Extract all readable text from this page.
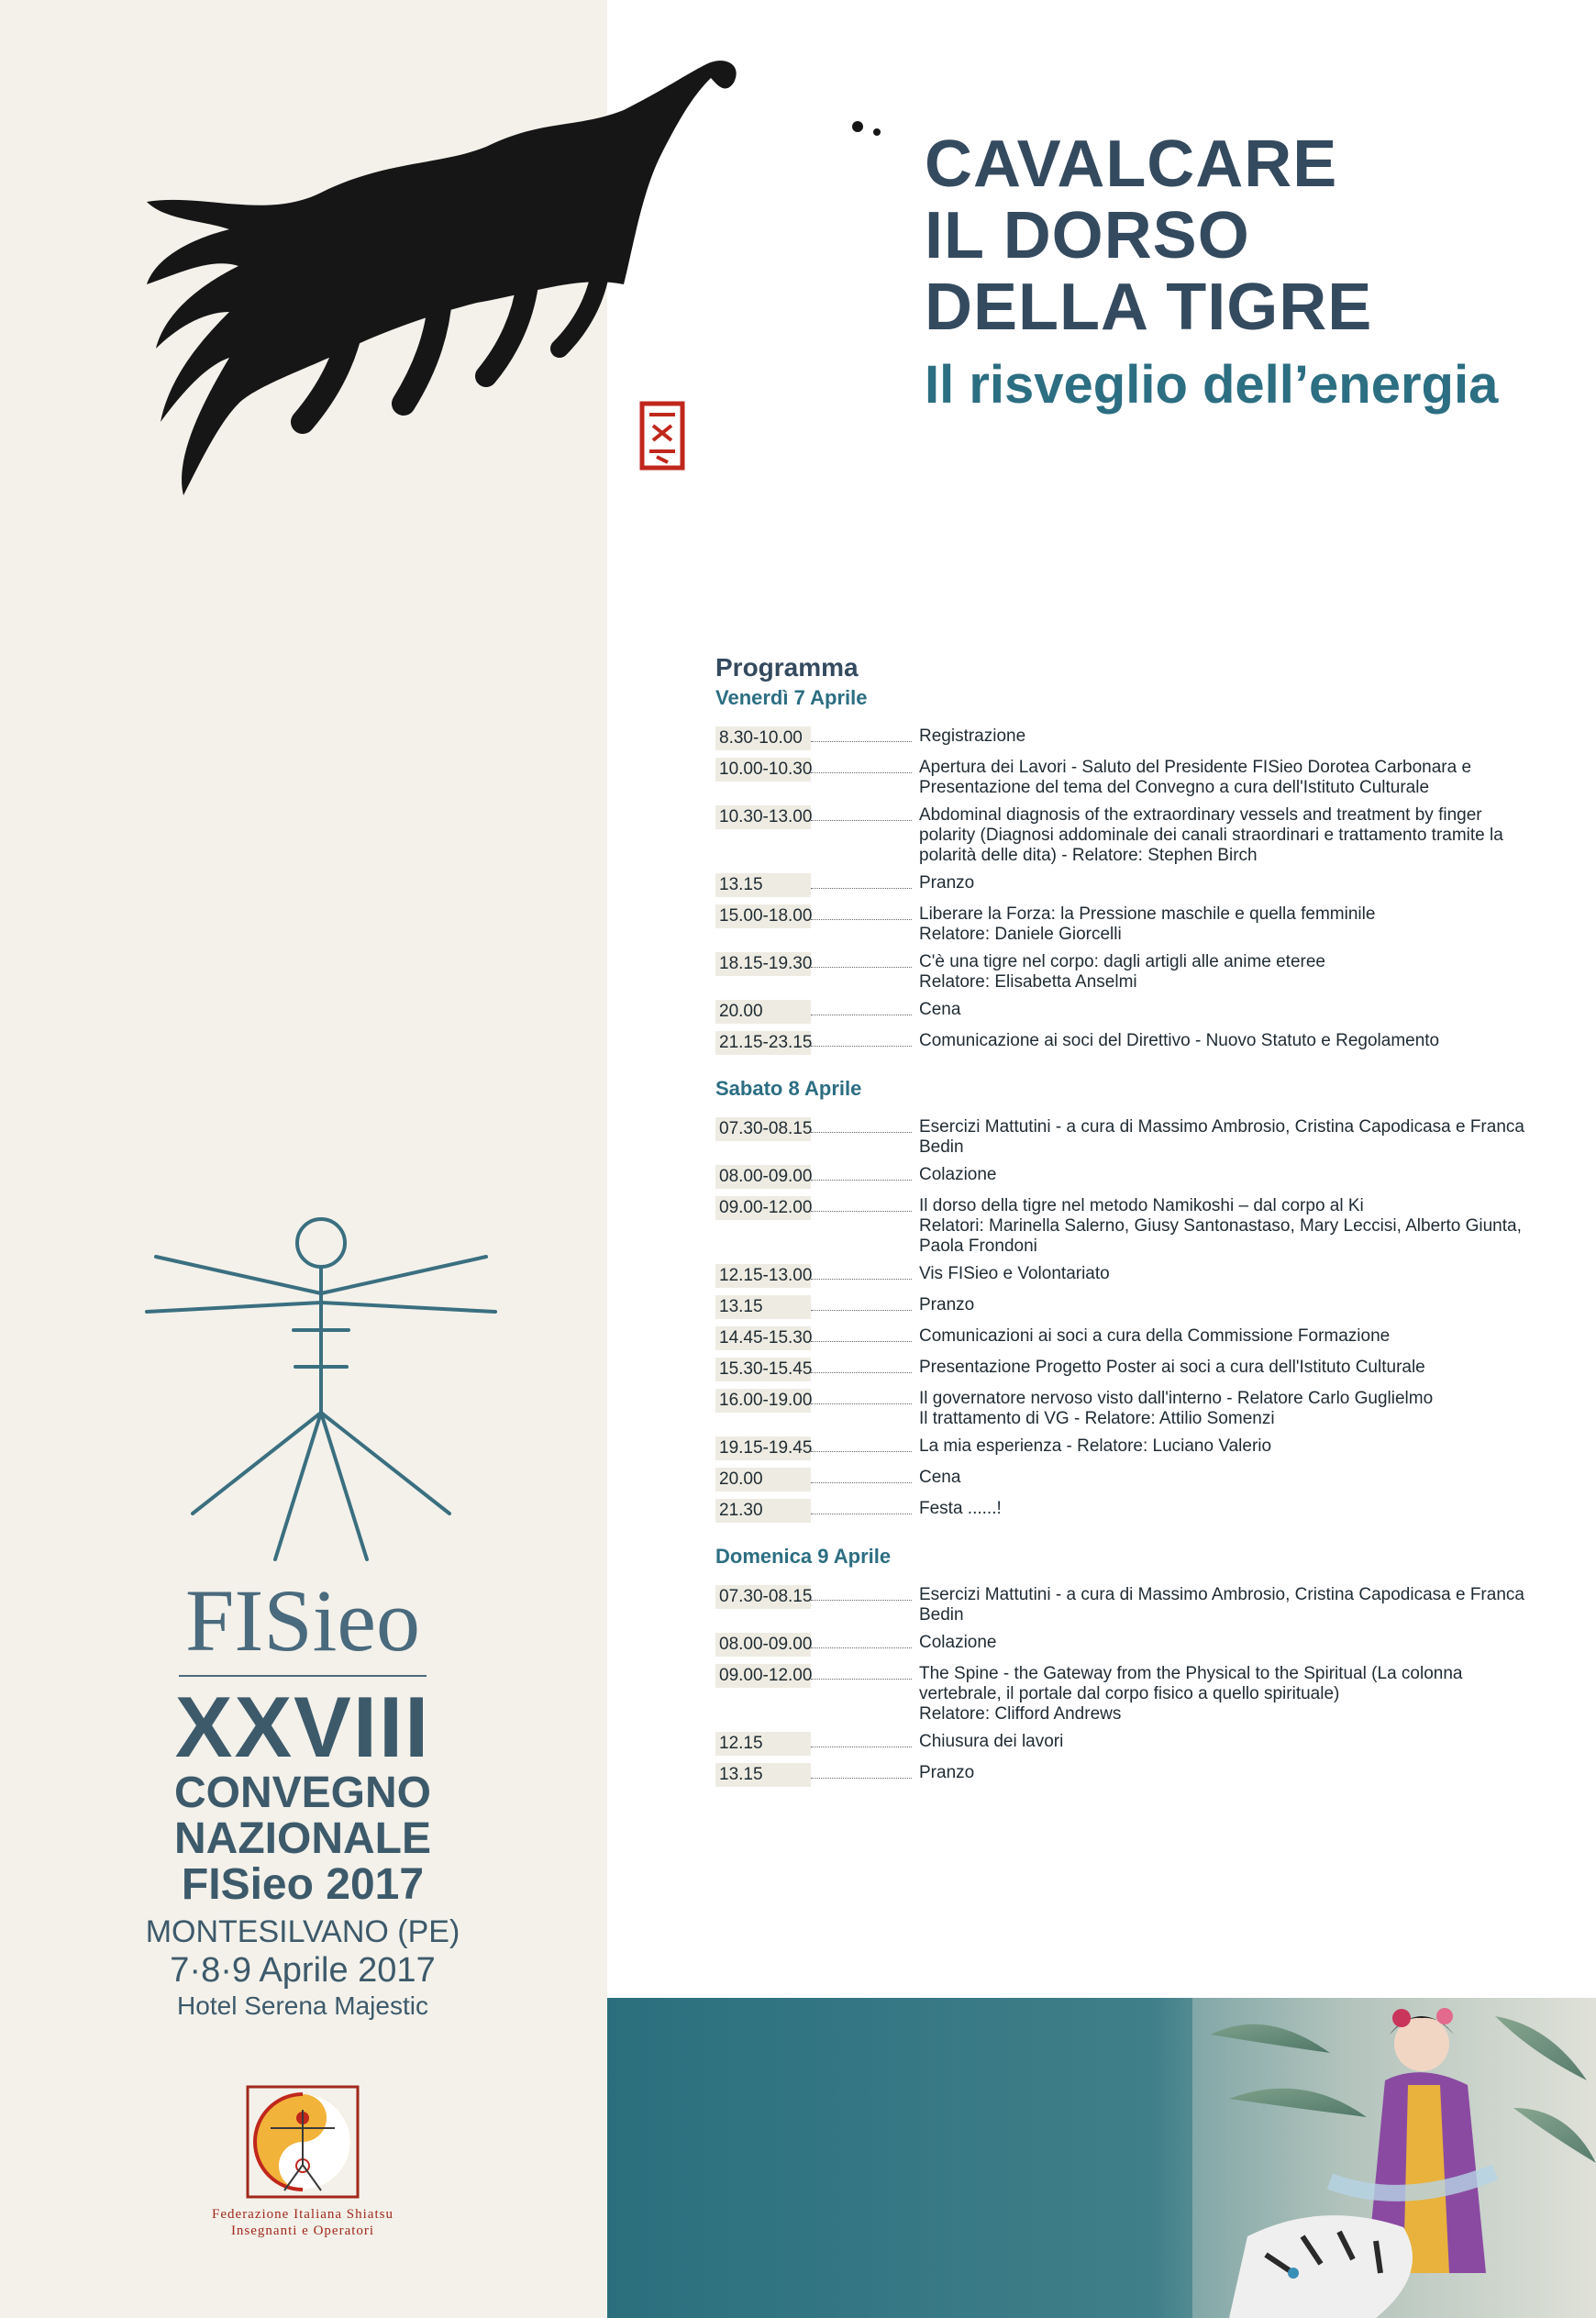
CAVALCARE
IL DORSO
DELLA TIGRE
Il risveglio dell’energia
Programma
Venerdì 7 Aprile
8.30-10.00	Registrazione
10.00-10.30	Apertura dei Lavori - Saluto del Presidente FISieo Dorotea Carbonara e Presentazione del tema del Convegno a cura dell'Istituto Culturale
10.30-13.00	Abdominal diagnosis of the extraordinary vessels and treatment by finger polarity (Diagnosi addominale dei canali straordinari e trattamento tramite la polarità delle dita) - Relatore: Stephen Birch
13.15	Pranzo
15.00-18.00	Liberare la Forza: la Pressione maschile e quella femminile
Relatore: Daniele Giorcelli
18.15-19.30	C'è una tigre nel corpo: dagli artigli alle anime eteree
Relatore: Elisabetta Anselmi
20.00	Cena
21.15-23.15	Comunicazione ai soci del Direttivo - Nuovo Statuto e Regolamento
Sabato 8 Aprile
07.30-08.15	Esercizi Mattutini - a cura di Massimo Ambrosio, Cristina Capodicasa e Franca Bedin
08.00-09.00	Colazione
09.00-12.00	Il dorso della tigre nel metodo Namikoshi – dal corpo al Ki
Relatori: Marinella Salerno, Giusy Santonastaso, Mary Leccisi, Alberto Giunta, Paola Frondoni
12.15-13.00	Vis FISieo e Volontariato
13.15	Pranzo
14.45-15.30	Comunicazioni ai soci a cura della Commissione Formazione
15.30-15.45	Presentazione Progetto Poster ai soci a cura dell'Istituto Culturale
16.00-19.00	Il governatore nervoso visto dall'interno - Relatore Carlo Guglielmo
Il trattamento di VG - Relatore: Attilio Somenzi
19.15-19.45	La mia esperienza - Relatore: Luciano Valerio
20.00	Cena
21.30	Festa ......!
Domenica 9 Aprile
07.30-08.15	Esercizi Mattutini - a cura di Massimo Ambrosio, Cristina Capodicasa e Franca Bedin
08.00-09.00	Colazione
09.00-12.00	The Spine - the Gateway from the Physical to the Spiritual (La colonna vertebrale, il portale dal corpo fisico a quello spirituale)
Relatore: Clifford Andrews
12.15	Chiusura dei lavori
13.15	Pranzo
FISieo
XXVIII
CONVEGNO
NAZIONALE
FISieo 2017
MONTESILVANO (PE)
7·8·9 Aprile 2017
Hotel Serena Majestic
Federazione Italiana Shiatsu
Insegnanti e Operatori
